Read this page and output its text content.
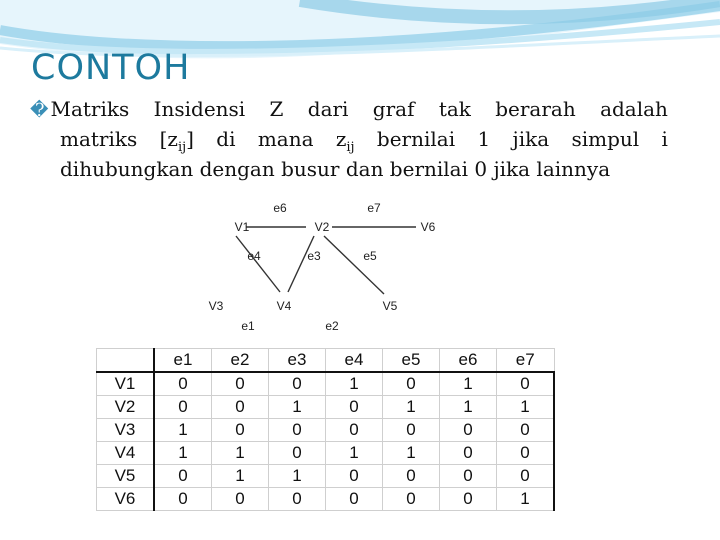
CONTOH
� Matriks Insidensi Z dari graf tak berarah adalah
matriks $[z_{ij}]$ di mana $z_{ij}$ bernilai 1 jika simpul i
dihubungkan dengan busur dan bernilai 0 jika lainnya
V1	V2	V6
V3	V4	V5
e6	e7
e4	e3	e5
e1	e2
	e1	e2	e3	e4	e5	e6	e7
V1	0	0	0	1	0	1	0
V2	0	0	1	0	1	1	1
V3	1	0	0	0	0	0	0
V4	1	1	0	1	1	0	0
V5	0	1	1	0	0	0	0
V6	0	0	0	0	0	0	1
